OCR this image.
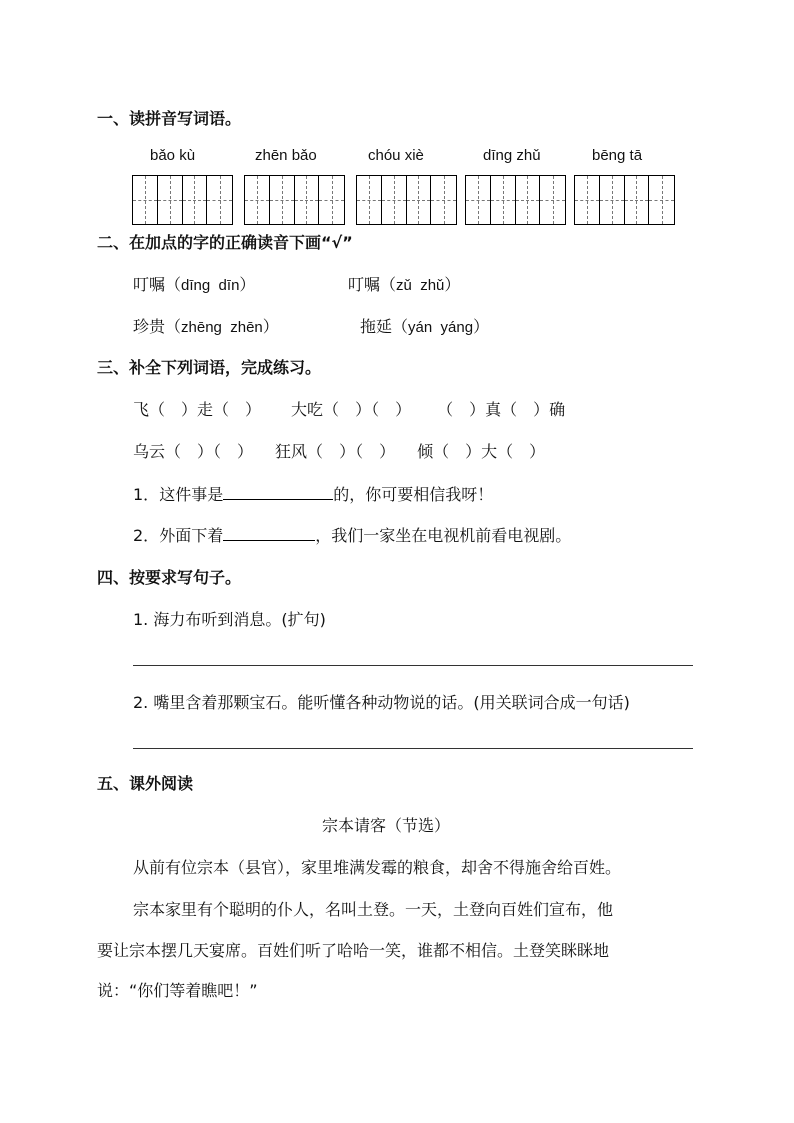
一、读拼音写词语。
bǎo kù	zhēn bǎo	chóu xiè	dīng zhǔ	bēng tā
二、在加点的字的正确读音下画“√”
叮嘱（dīng  dīn）	叮嘱（zǔ  zhǔ）
珍贵（zhēng  zhēn）	拖延（yán  yáng）
三、补全下列词语，完成练习。
飞（ ）走（ ） 大吃（ ）（ ） （ ）真（ ）确
乌云（ ）（ ） 狂风（ ）（ ） 倾（ ）大（ ）
1．这件事是	的，你可要相信我呀！
2．外面下着	，我们一家坐在电视机前看电视剧。
四、按要求写句子。
1. 海力布听到消息。(扩句)
2. 嘴里含着那颗宝石。能听懂各种动物说的话。(用关联词合成一句话)
五、课外阅读
宗本请客（节选）
从前有位宗本（县官），家里堆满发霉的粮食，却舍不得施舍给百姓。
宗本家里有个聪明的仆人，名叫土登。一天，土登向百姓们宣布，他
要让宗本摆几天宴席。百姓们听了哈哈一笑，谁都不相信。土登笑眯眯地
说：“你们等着瞧吧！”
